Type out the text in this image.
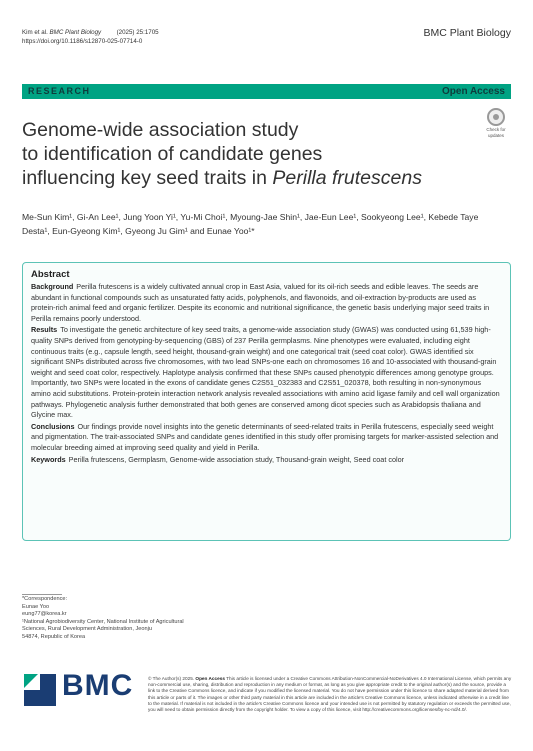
Kim et al. BMC Plant Biology (2025) 25:1705
https://doi.org/10.1186/s12870-025-07714-0
BMC Plant Biology
RESEARCH	Open Access
Check for
updates
Genome-wide association study
to identification of candidate genes
influencing key seed traits in Perilla frutescens
Me-Sun Kim¹, Gi-An Lee¹, Jung Yoon Yi¹, Yu-Mi Choi¹, Myoung-Jae Shin¹, Jae-Eun Lee¹, Sookyeong Lee¹, Kebede Taye Desta¹, Eun-Gyeong Kim¹, Gyeong Ju Gim¹ and Eunae Yoo¹*
Abstract

Background Perilla frutescens is a widely cultivated annual crop in East Asia, valued for its oil-rich seeds and edible leaves. The seeds are abundant in functional compounds such as unsaturated fatty acids, polyphenols, and flavonoids, and oil-extraction by-products are used as protein-rich animal feed and organic fertilizer. Despite its economic and nutritional significance, the genetic basis underlying major seed traits in Perilla remains poorly understood.

Results To investigate the genetic architecture of key seed traits, a genome-wide association study (GWAS) was conducted using 61,539 high-quality SNPs derived from genotyping-by-sequencing (GBS) of 237 Perilla germplasms. Nine phenotypes were evaluated, including eight continuous traits (e.g., capsule length, seed height, thousand-grain weight) and one categorical trait (seed coat color). GWAS identified six significant SNPs distributed across five chromosomes, with two lead SNPs-one each on chromosomes 16 and 10-associated with thousand-grain weight and seed coat color, respectively. Haplotype analysis confirmed that these SNPs caused phenotypic differences among genotype groups. Importantly, two SNPs were located in the exons of candidate genes C2S51_032383 and C2S51_020378, both resulting in non-synonymous amino acid substitutions. Protein-protein interaction network analysis revealed associations with amino acid ligase family and cell wall organization pathways. Phylogenetic analysis further demonstrated that both genes are conserved among dicot species such as Arabidopsis thaliana and Glycine max.

Conclusions Our findings provide novel insights into the genetic determinants of seed-related traits in Perilla frutescens, especially seed weight and pigmentation. The trait-associated SNPs and candidate genes identified in this study offer promising targets for marker-assisted selection and molecular breeding aimed at improving seed quality and yield in Perilla.

Keywords Perilla frutescens, Germplasm, Genome-wide association study, Thousand-grain weight, Seed coat color

*Correspondence:
Eunae Yoo
eung77@korea.kr
¹National Agrobiodiversity Center, National Institute of Agricultural
Sciences, Rural Development Administration, Jeonju
54874, Republic of Korea
BMC	© The Author(s) 2025. Open Access This article is licensed under a Creative Commons Attribution-NonCommercial-NoDerivatives 4.0 International License, which permits any non-commercial use, sharing, distribution and reproduction in any medium or format, as long as you give appropriate credit to the original author(s) and the source, provide a link to the Creative Commons licence, and indicate if you modified the licensed material. You do not have permission under this licence to share adapted material derived from this article or parts of it. The images or other third party material in this article are included in the article's Creative Commons licence, unless indicated otherwise in a credit line to the material. If material is not included in the article's Creative Commons licence and your intended use is not permitted by statutory regulation or exceeds the permitted use, you will need to obtain permission directly from the copyright holder. To view a copy of this licence, visit http://creativecommons.org/licenses/by-nc-nd/4.0/.
